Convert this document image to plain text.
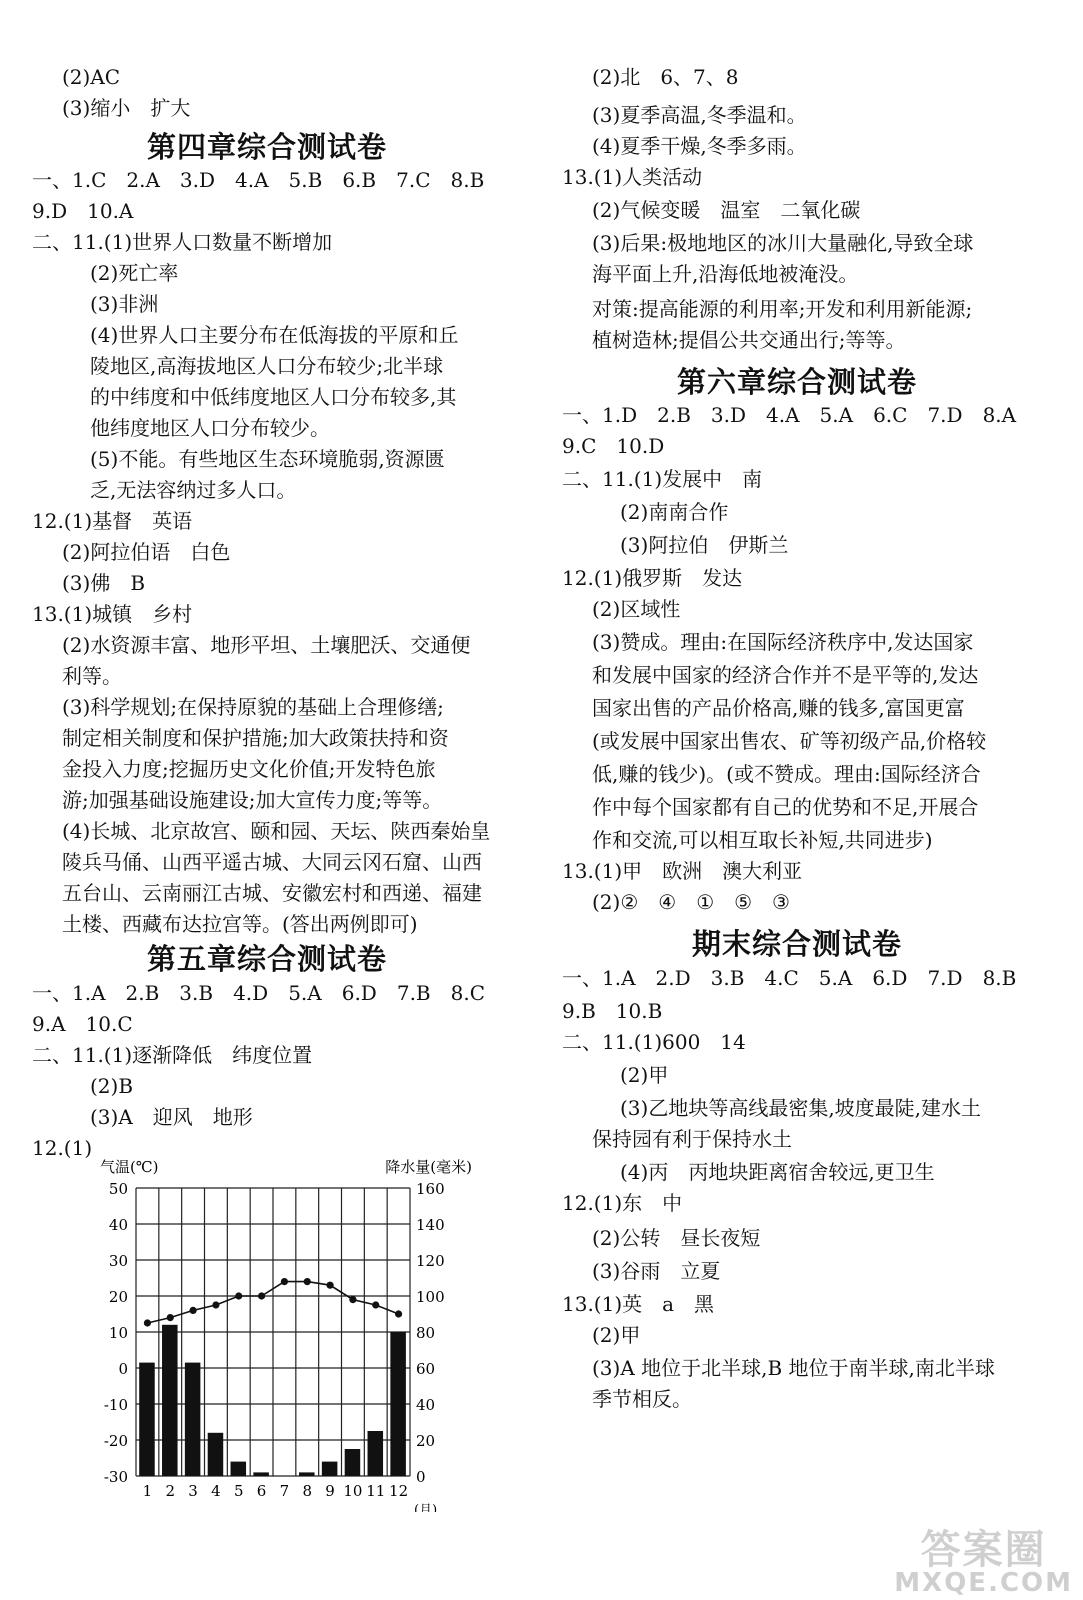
(2)AC
(3)缩小　扩大
一、1.C　2.A　3.D　4.A　5.B　6.B　7.C　8.B
9.D　10.A
二、11.(1)世界人口数量不断增加
(2)死亡率
(3)非洲
(4)世界人口主要分布在低海拔的平原和丘
陵地区,高海拔地区人口分布较少;北半球
的中纬度和中低纬度地区人口分布较多,其
他纬度地区人口分布较少。
(5)不能。有些地区生态环境脆弱,资源匮
乏,无法容纳过多人口。
12.(1)基督　英语
(2)阿拉伯语　白色
(3)佛　B
13.(1)城镇　乡村
(2)水资源丰富、地形平坦、土壤肥沃、交通便
利等。
(3)科学规划;在保持原貌的基础上合理修缮;
制定相关制度和保护措施;加大政策扶持和资
金投入力度;挖掘历史文化价值;开发特色旅
游;加强基础设施建设;加大宣传力度;等等。
(4)长城、北京故宫、颐和园、天坛、陕西秦始皇
陵兵马俑、山西平遥古城、大同云冈石窟、山西
五台山、云南丽江古城、安徽宏村和西递、福建
土楼、西藏布达拉宫等。(答出两例即可)
一、1.A　2.B　3.B　4.D　5.A　6.D　7.B　8.C
9.A　10.C
二、11.(1)逐渐降低　纬度位置
(2)B
(3)A　迎风　地形
12.(1)
第四章综合测试卷
第五章综合测试卷
(2)北　6、7、8
(3)夏季高温,冬季温和。
(4)夏季干燥,冬季多雨。
13.(1)人类活动
(2)气候变暖　温室　二氧化碳
(3)后果:极地地区的冰川大量融化,导致全球
海平面上升,沿海低地被淹没。
对策:提高能源的利用率;开发和利用新能源;
植树造林;提倡公共交通出行;等等。
一、1.D　2.B　3.D　4.A　5.A　6.C　7.D　8.A
9.C　10.D
二、11.(1)发展中　南
(2)南南合作
(3)阿拉伯　伊斯兰
12.(1)俄罗斯　发达
(2)区域性
(3)赞成。理由:在国际经济秩序中,发达国家
和发展中国家的经济合作并不是平等的,发达
国家出售的产品价格高,赚的钱多,富国更富
(或发展中国家出售农、矿等初级产品,价格较
低,赚的钱少)。(或不赞成。理由:国际经济合
作中每个国家都有自己的优势和不足,开展合
作和交流,可以相互取长补短,共同进步)
13.(1)甲　欧洲　澳大利亚
(2)②　④　①　⑤　③
一、1.A　2.D　3.B　4.C　5.A　6.D　7.D　8.B
9.B　10.B
二、11.(1)600　14
(2)甲
(3)乙地块等高线最密集,坡度最陡,建水土
保持园有利于保持水土
(4)丙　丙地块距离宿舍较远,更卫生
12.(1)东　中
(2)公转　昼长夜短
(3)谷雨　立夏
13.(1)英　a　黑
(2)甲
(3)A 地位于北半球,B 地位于南半球,南北半球
季节相反。
第六章综合测试卷
期末综合测试卷
50
40
30
20
10
0
-10
-20
-30
160
140
120
100
80
60
40
20
0
1 2 3 4 5 6 7 8 9 10 11 12
气温(℃)	降水量(毫米)
(月)
答案圈
MXQE.COM
